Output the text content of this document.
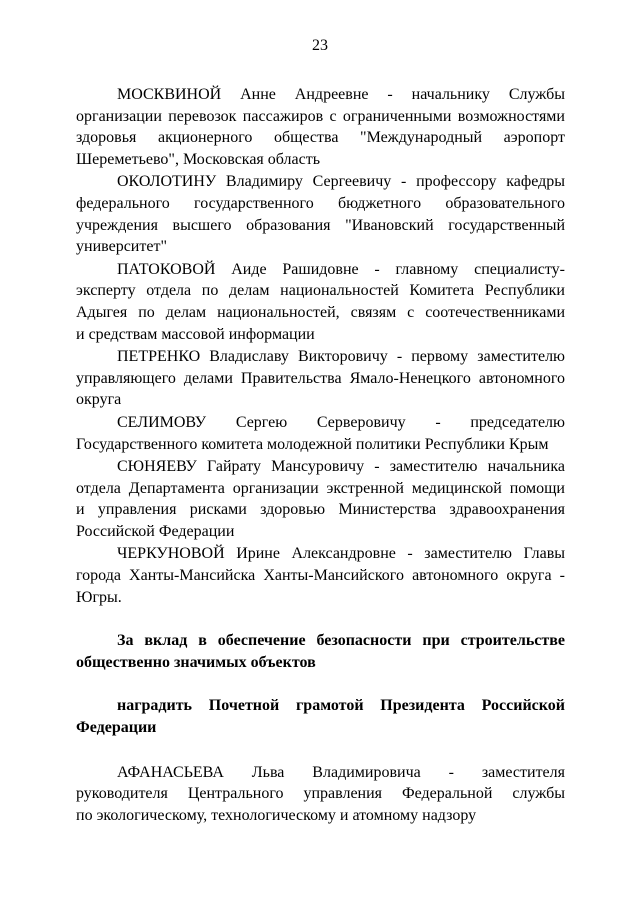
23
МОСКВИНОЙ Анне Андреевне - начальнику Службы
организации перевозок пассажиров с ограниченными возможностями
здоровья акционерного общества "Международный аэропорт
Шереметьево", Московская область
ОКОЛОТИНУ Владимиру Сергеевичу - профессору кафедры
федерального государственного бюджетного образовательного
учреждения высшего образования "Ивановский государственный
университет"
ПАТОКОВОЙ Аиде Рашидовне - главному специалисту-
эксперту отдела по делам национальностей Комитета Республики
Адыгея по делам национальностей, связям с соотечественниками
и средствам массовой информации
ПЕТРЕНКО Владиславу Викторовичу - первому заместителю
управляющего делами Правительства Ямало-Ненецкого автономного
округа
СЕЛИМОВУ Сергею Серверовичу - председателю
Государственного комитета молодежной политики Республики Крым
СЮНЯЕВУ Гайрату Мансуровичу - заместителю начальника
отдела Департамента организации экстренной медицинской помощи
и управления рисками здоровью Министерства здравоохранения
Российской Федерации
ЧЕРКУНОВОЙ Ирине Александровне - заместителю Главы
города Ханты-Мансийска Ханты-Мансийского автономного округа -
Югры.
За вклад в обеспечение безопасности при строительстве
общественно значимых объектов
наградить Почетной грамотой Президента Российской
Федерации
АФАНАСЬЕВА Льва Владимировича - заместителя
руководителя Центрального управления Федеральной службы
по экологическому, технологическому и атомному надзору
